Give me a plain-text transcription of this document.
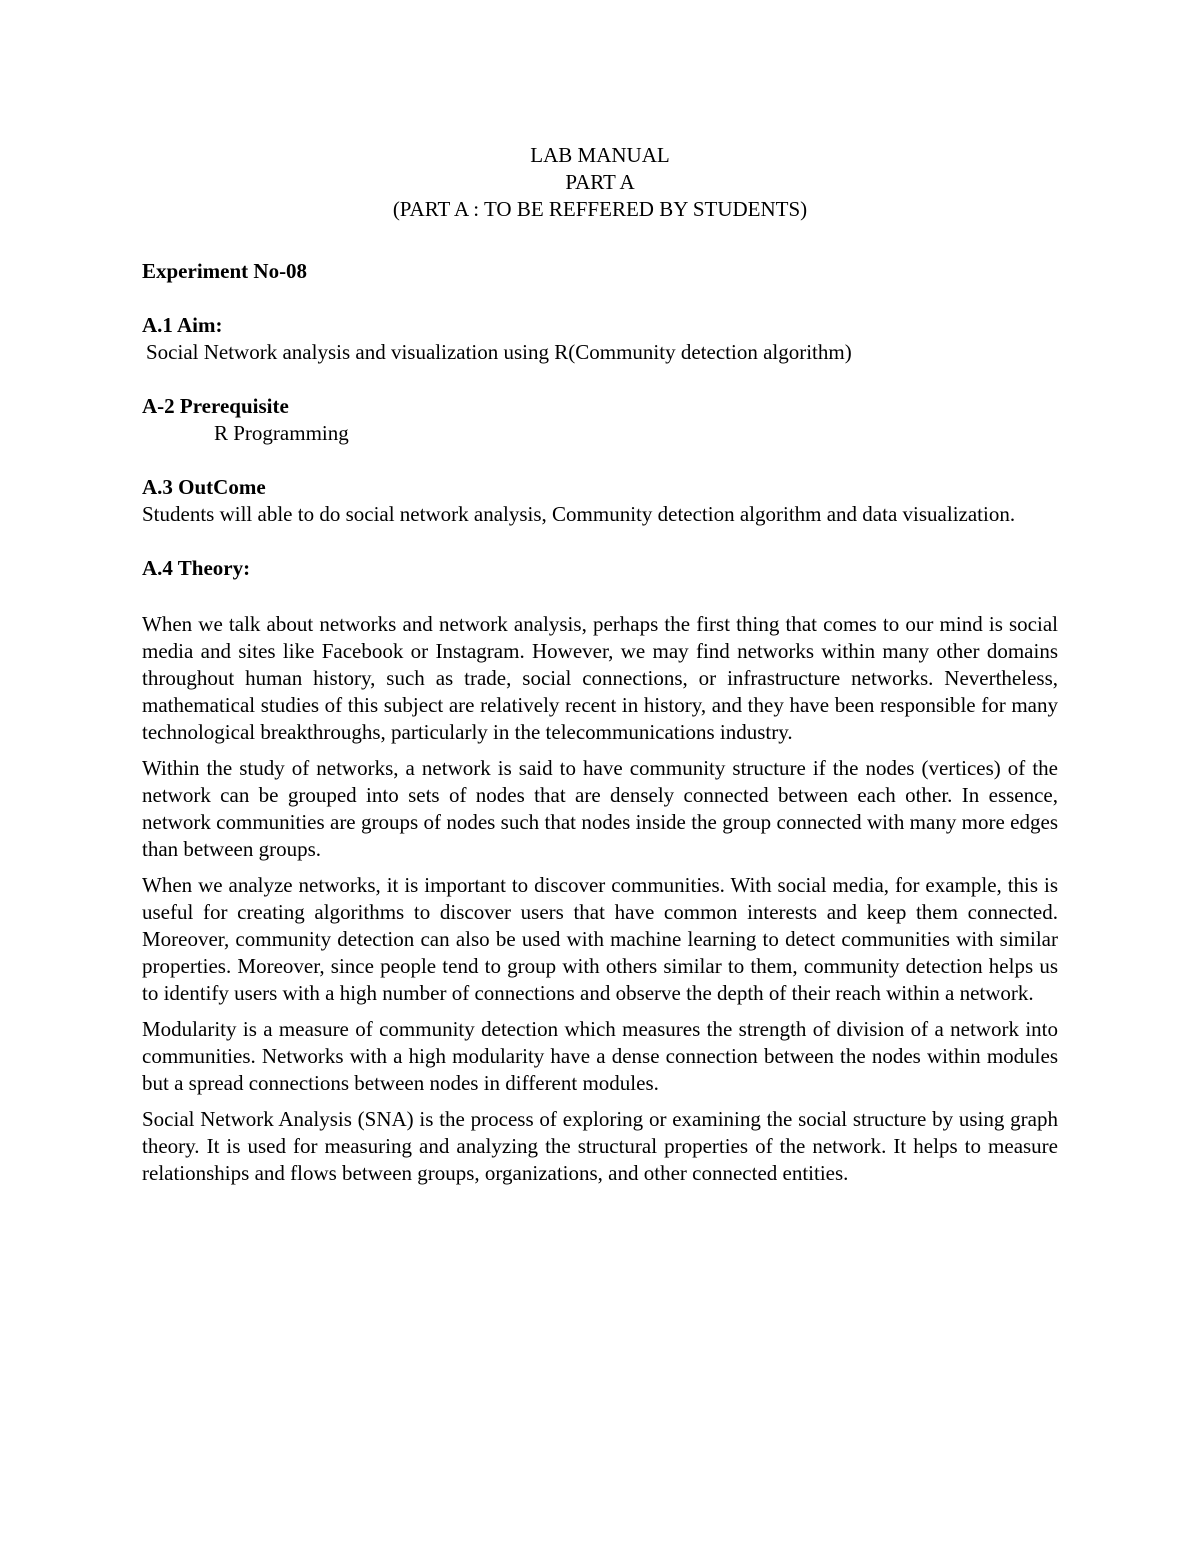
LAB MANUAL
PART A
(PART A : TO BE REFFERED BY STUDENTS)
Experiment No-08
A.1 Aim:
Social Network analysis and visualization using R(Community detection algorithm)
A-2 Prerequisite
R Programming
A.3 OutCome
Students will able to do social network analysis, Community detection algorithm and data visualization.
A.4 Theory:

When we talk about networks and network analysis, perhaps the first thing that comes to our mind is social media and sites like Facebook or Instagram. However, we may find networks within many other domains throughout human history, such as trade, social connections, or infrastructure networks. Nevertheless, mathematical studies of this subject are relatively recent in history, and they have been responsible for many technological breakthroughs, particularly in the telecommunications industry.

Within the study of networks, a network is said to have community structure if the nodes (vertices) of the network can be grouped into sets of nodes that are densely connected between each other. In essence, network communities are groups of nodes such that nodes inside the group connected with many more edges than between groups.

When we analyze networks, it is important to discover communities. With social media, for example, this is useful for creating algorithms to discover users that have common interests and keep them connected. Moreover, community detection can also be used with machine learning to detect communities with similar properties. Moreover, since people tend to group with others similar to them, community detection helps us to identify users with a high number of connections and observe the depth of their reach within a network.

Modularity is a measure of community detection which measures the strength of division of a network into communities. Networks with a high modularity have a dense connection between the nodes within modules but a spread connections between nodes in different modules.

Social Network Analysis (SNA) is the process of exploring or examining the social structure by using graph theory. It is used for measuring and analyzing the structural properties of the network. It helps to measure relationships and flows between groups, organizations, and other connected entities.
